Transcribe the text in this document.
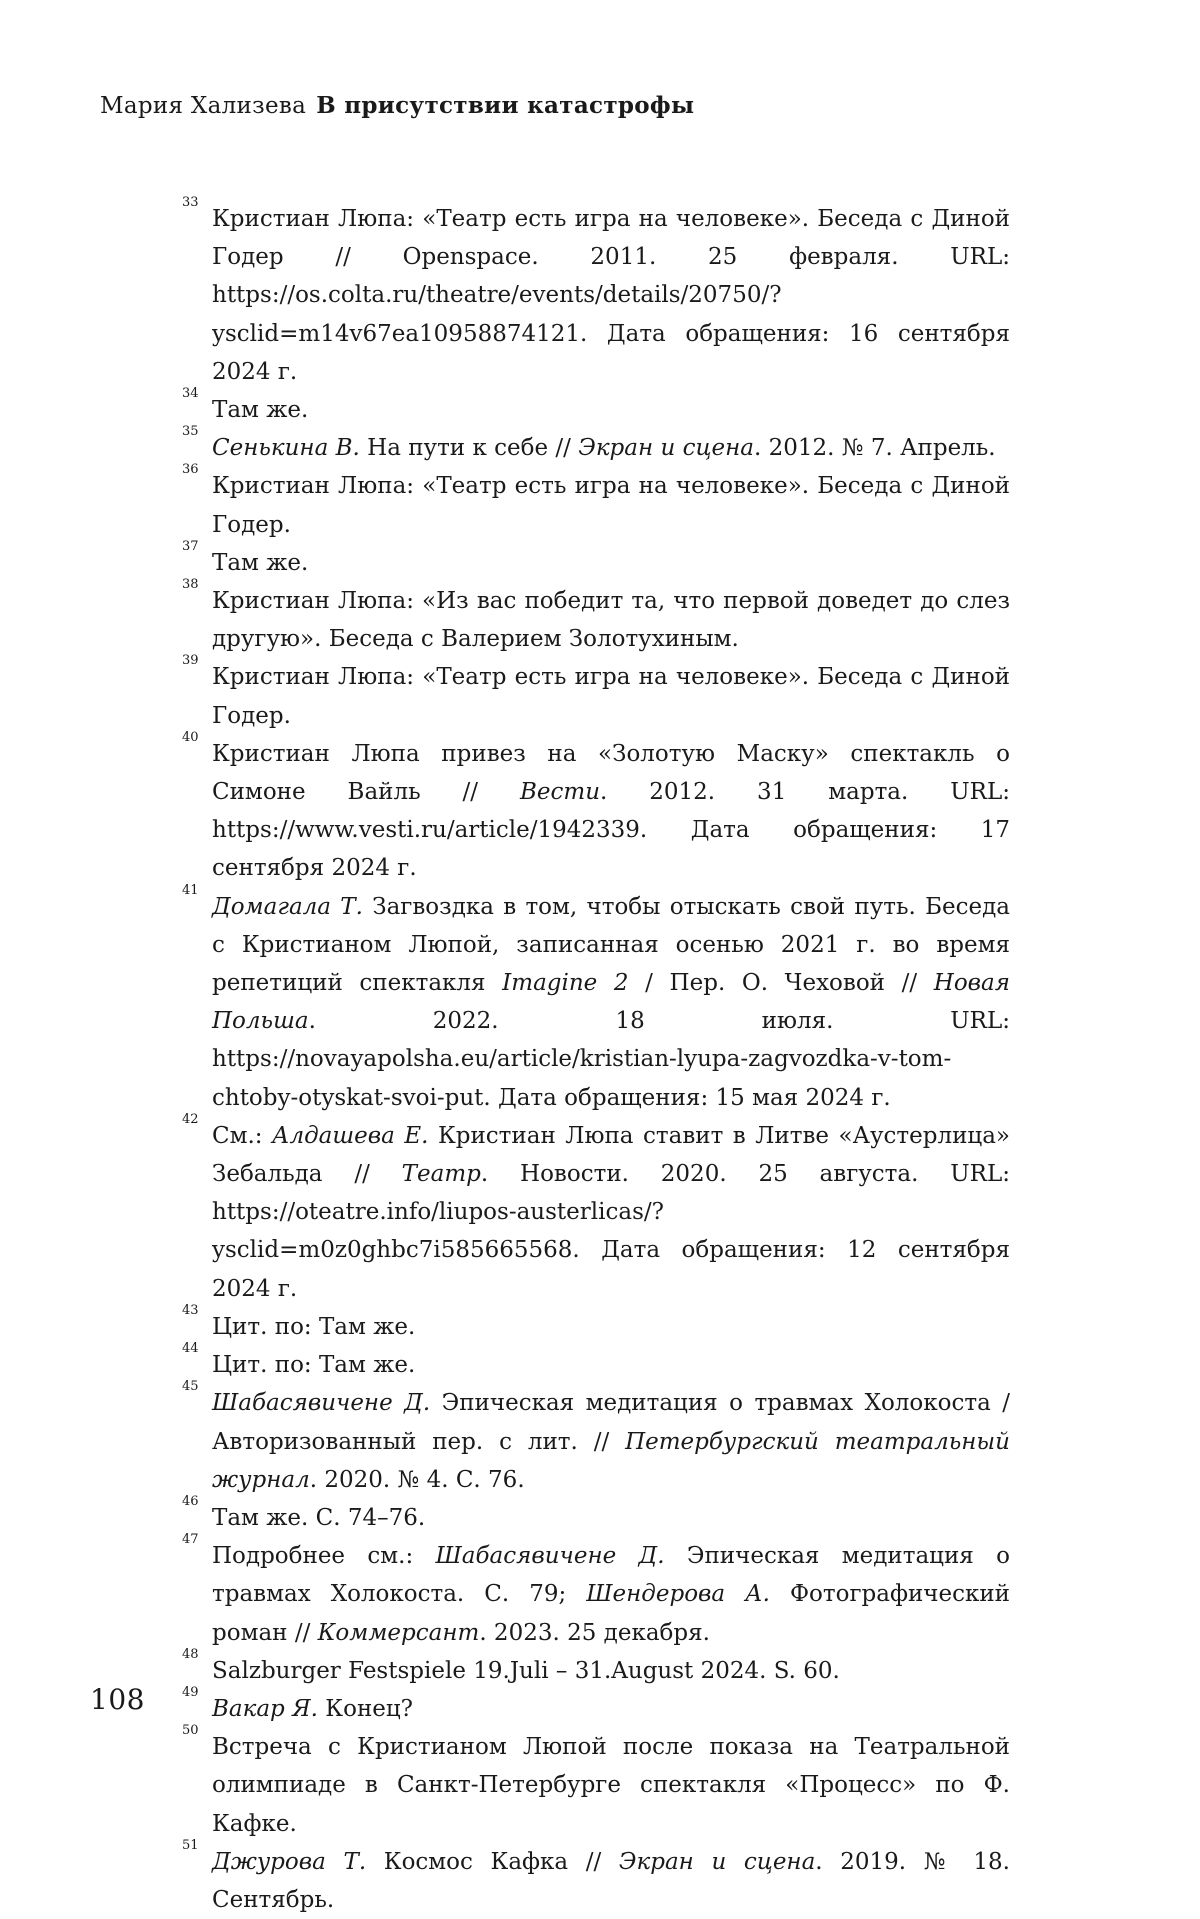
Мария Хализева В присутствии катастрофы
33
Кристиан Люпа: «Театр есть игра на человеке». Беседа с Диной Годер // Openspace. 2011. 25 февраля. URL: https://os.colta.ru/theatre/events/details/20750/?ysclid=m14v67ea10958874121. Дата обращения: 16 сентября 2024 г.
34
Там же.
35
Сенькина В. На пути к себе // Экран и сцена. 2012. № 7. Апрель.
36
Кристиан Люпа: «Театр есть игра на человеке». Беседа с Диной Годер.
37
Там же.
38
Кристиан Люпа: «Из вас победит та, что первой доведет до слез другую». Беседа с Валерием Золотухиным.
39
Кристиан Люпа: «Театр есть игра на человеке». Беседа с Диной Годер.
40
Кристиан Люпа привез на «Золотую Маску» спектакль о Симоне Вайль // Вести. 2012. 31 марта. URL: https://www.vesti.ru/article/1942339. Дата обращения: 17 сентября 2024 г.
41
Домагала Т. Загвоздка в том, чтобы отыскать свой путь. Беседа с Кристианом Люпой, записанная осенью 2021 г. во время репетиций спектакля Imagine 2 / Пер. О. Чеховой // Новая Польша. 2022. 18 июля. URL: https://novayapolsha.eu/article/kristian-lyupa-zagvozdka-v-tom-chtoby-otyskat-svoi-put. Дата обращения: 15 мая 2024 г.
42
См.: Алдашева Е. Кристиан Люпа ставит в Литве «Аустерлица» Зебальда // Театр. Новости. 2020. 25 августа. URL: https://oteatre.info/liupos-austerlicas/?ysclid=m0z0ghbc7i585665568. Дата обращения: 12 сентября 2024 г.
43
Цит. по: Там же.
44
Цит. по: Там же.
45
Шабасявичене Д. Эпическая медитация о травмах Холокоста / Авторизованный пер. с лит. // Петербургский театральный журнал. 2020. № 4. С. 76.
46
Там же. С. 74–76.
47
Подробнее см.: Шабасявичене Д. Эпическая медитация о травмах Холокоста. С. 79; Шендерова А. Фотографический роман // Коммерсант. 2023. 25 декабря.
48
Salzburger Festspiele 19.Juli – 31.August 2024. S. 60.
49
Вакар Я. Конец?
50
Встреча с Кристианом Люпой после показа на Театральной олимпиаде в Санкт-Петербурге спектакля «Процесс» по Ф. Кафке.
51
Джурова Т. Космос Кафка // Экран и сцена. 2019. № 18. Сентябрь.
108
